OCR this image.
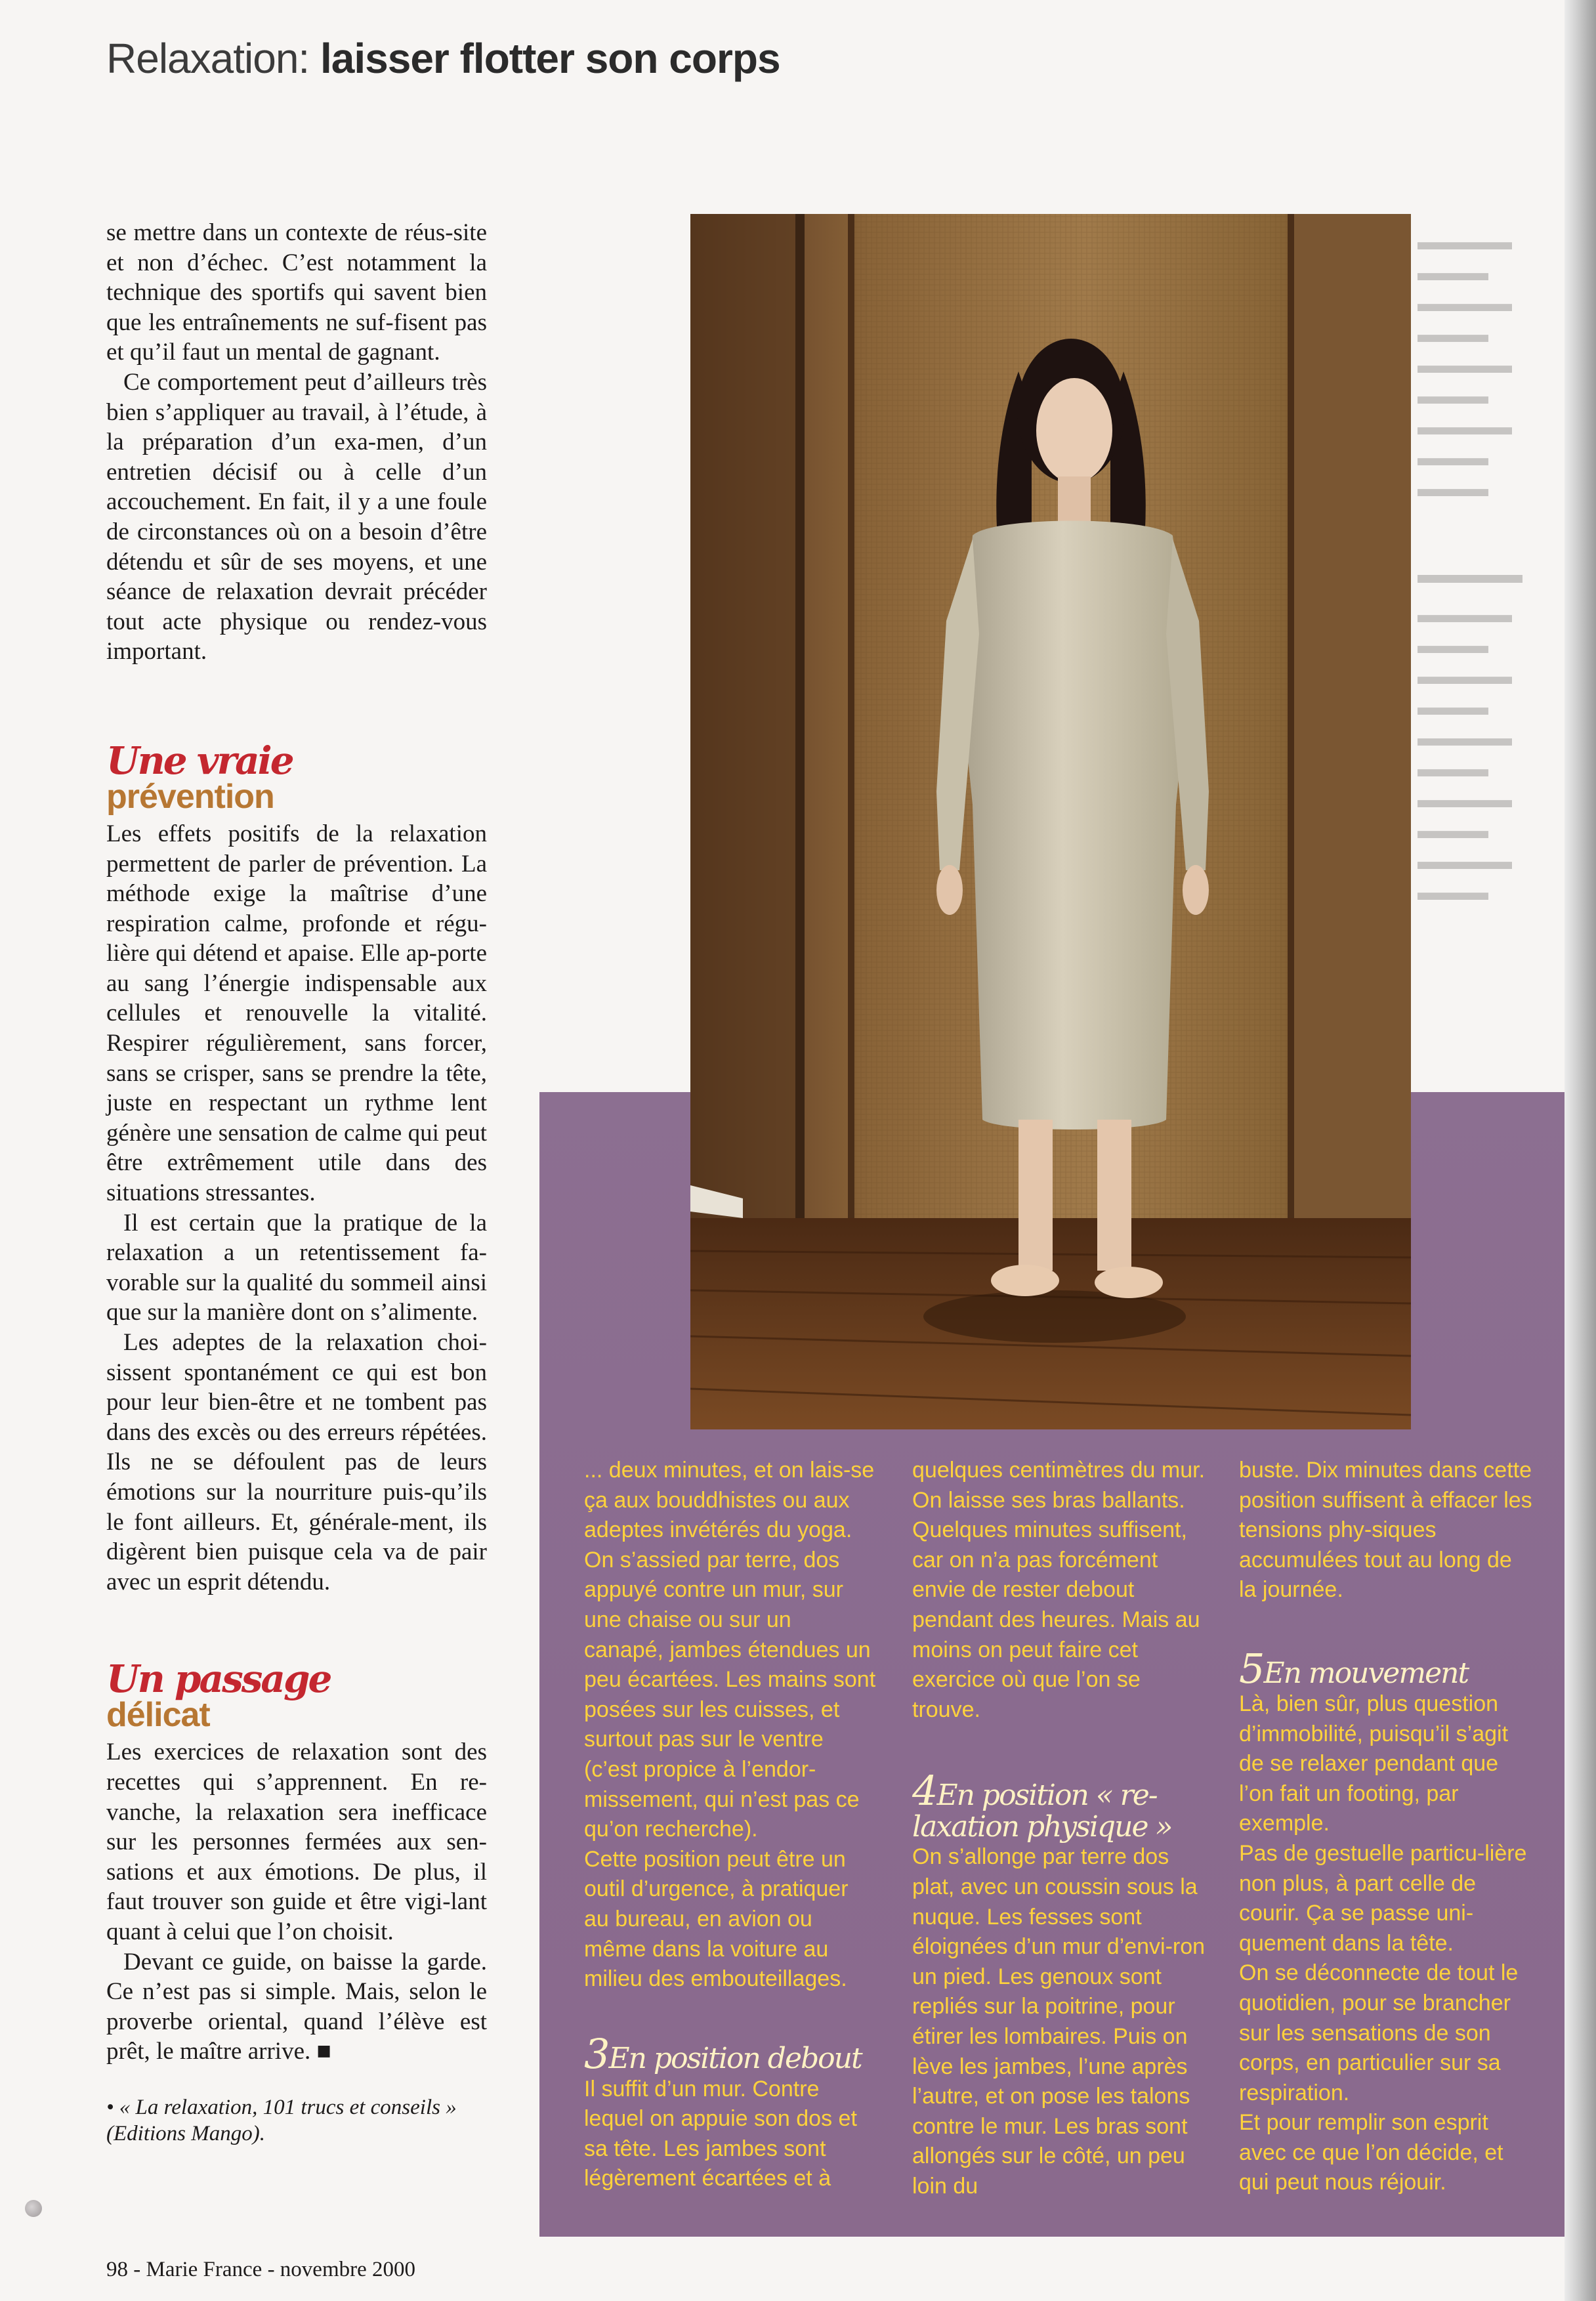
Relaxation: laisser flotter son corps

se mettre dans un contexte de réus-site et non d’échec. C’est notamment la technique des sportifs qui savent bien que les entraînements ne suf-fisent pas et qu’il faut un mental de gagnant.

Ce comportement peut d’ailleurs très bien s’appliquer au travail, à l’étude, à la préparation d’un exa-men, d’un entretien décisif ou à celle d’un accouchement. En fait, il y a une foule de circonstances où on a besoin d’être détendu et sûr de ses moyens, et une séance de relaxation devrait précéder tout acte physique ou rendez-vous important.

Une vraie
prévention

Les effets positifs de la relaxation permettent de parler de prévention. La méthode exige la maîtrise d’une respiration calme, profonde et régu-lière qui détend et apaise. Elle ap-porte au sang l’énergie indispensable aux cellules et renouvelle la vitalité. Respirer régulièrement, sans forcer, sans se crisper, sans se prendre la tête, juste en respectant un rythme lent génère une sensation de calme qui peut être extrêmement utile dans des situations stressantes.

Il est certain que la pratique de la relaxation a un retentissement fa-vorable sur la qualité du sommeil ainsi que sur la manière dont on s’alimente.

Les adeptes de la relaxation choi-sissent spontanément ce qui est bon pour leur bien-être et ne tombent pas dans des excès ou des erreurs répétées. Ils ne se défoulent pas de leurs émotions sur la nourriture puis-qu’ils le font ailleurs. Et, générale-ment, ils digèrent bien puisque cela va de pair avec un esprit détendu.

Un passage
délicat

Les exercices de relaxation sont des recettes qui s’apprennent. En re-vanche, la relaxation sera inefficace sur les personnes fermées aux sen-sations et aux émotions. De plus, il faut trouver son guide et être vigi-lant quant à celui que l’on choisit.

Devant ce guide, on baisse la garde. Ce n’est pas si simple. Mais, selon le proverbe oriental, quand l’élève est prêt, le maître arrive. ■

• « La relaxation, 101 trucs et conseils » (Editions Mango).

98 - Marie France - novembre 2000
▬▬▬▬
▬▬▬
▬▬▬▬
▬▬▬
▬▬▬▬
▬▬▬
▬▬▬▬
▬▬▬
▬▬▬
▬▬▬▬
▬▬▬▬
▬▬▬
▬▬▬▬
▬▬▬
▬▬▬▬
▬▬▬
▬▬▬▬
▬▬▬
▬▬▬▬
▬▬▬

... deux minutes, et on lais-se ça aux bouddhistes ou aux adeptes invétérés du yoga. On s’assied par terre, dos appuyé contre un mur, sur une chaise ou sur un canapé, jambes étendues un peu écartées. Les mains sont posées sur les cuisses, et surtout pas sur le ventre (c’est propice à l’endor-missement, qui n’est pas ce qu’on recherche).

Cette position peut être un outil d’urgence, à pratiquer au bureau, en avion ou même dans la voiture au milieu des embouteillages.

3En position debout

Il suffit d’un mur. Contre lequel on appuie son dos et sa tête. Les jambes sont légèrement écartées et à

quelques centimètres du mur. On laisse ses bras ballants. Quelques minutes suffisent, car on n’a pas forcément envie de rester debout pendant des heures. Mais au moins on peut faire cet exercice où que l’on se trouve.

4En position « re-laxation physique »

On s’allonge par terre dos plat, avec un coussin sous la nuque. Les fesses sont éloignées d’un mur d’envi-ron un pied. Les genoux sont repliés sur la poitrine, pour étirer les lombaires. Puis on lève les jambes, l’une après l’autre, et on pose les talons contre le mur. Les bras sont allongés sur le côté, un peu loin du

buste. Dix minutes dans cette position suffisent à effacer les tensions phy-siques accumulées tout au long de la journée.

5En mouvement

Là, bien sûr, plus question d’immobilité, puisqu’il s’agit de se relaxer pendant que l’on fait un footing, par exemple.

Pas de gestuelle particu-lière non plus, à part celle de courir. Ça se passe uni-quement dans la tête.

On se déconnecte de tout le quotidien, pour se brancher sur les sensations de son corps, en particulier sur sa respiration.

Et pour remplir son esprit avec ce que l’on décide, et qui peut nous réjouir.
